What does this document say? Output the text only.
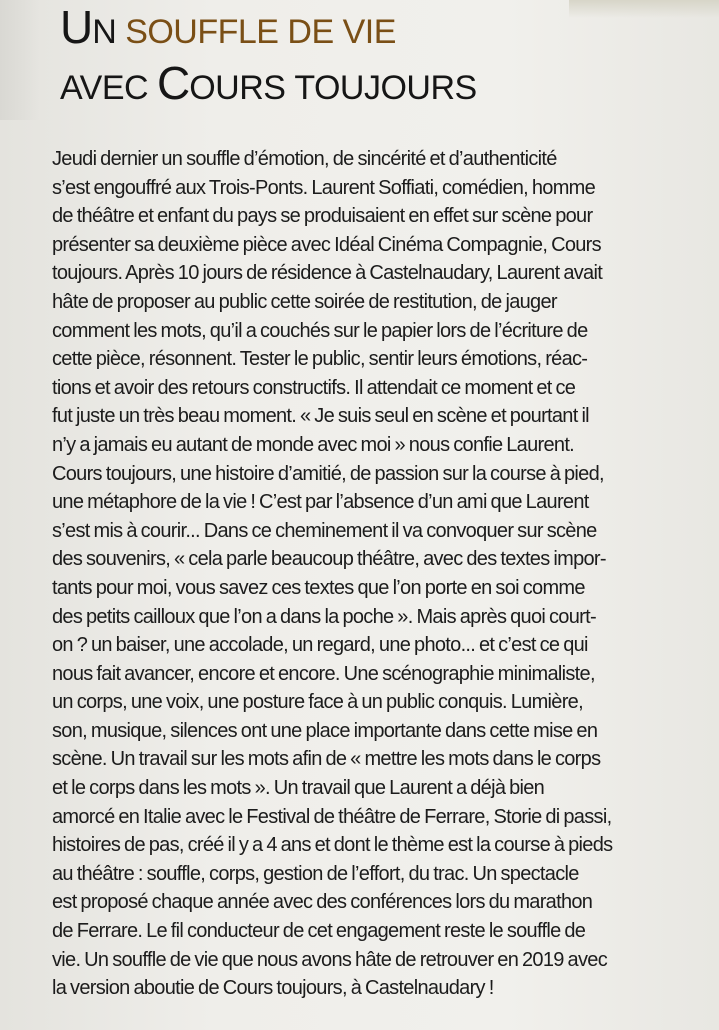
UN SOUFFLE DE VIE
AVEC COURS TOUJOURS
Jeudi dernier un souffle d’émotion, de sincérité et d’authenticité
s’est engouffré aux Trois-Ponts. Laurent Soffiati, comédien, homme
de théâtre et enfant du pays se produisaient en effet sur scène pour
présenter sa deuxième pièce avec Idéal Cinéma Compagnie, Cours
toujours. Après 10 jours de résidence à Castelnaudary, Laurent avait
hâte de proposer au public cette soirée de restitution, de jauger
comment les mots, qu’il a couchés sur le papier lors de l’écriture de
cette pièce, résonnent. Tester le public, sentir leurs émotions, réac-
tions et avoir des retours constructifs. Il attendait ce moment et ce
fut juste un très beau moment. « Je suis seul en scène et pourtant il
n’y a jamais eu autant de monde avec moi » nous confie Laurent.
Cours toujours, une histoire d’amitié, de passion sur la course à pied,
une métaphore de la vie ! C’est par l’absence d’un ami que Laurent
s’est mis à courir... Dans ce cheminement il va convoquer sur scène
des souvenirs, « cela parle beaucoup théâtre, avec des textes impor-
tants pour moi, vous savez ces textes que l’on porte en soi comme
des petits cailloux que l’on a dans la poche ». Mais après quoi court-
on ? un baiser, une accolade, un regard, une photo... et c’est ce qui
nous fait avancer, encore et encore. Une scénographie minimaliste,
un corps, une voix, une posture face à un public conquis. Lumière,
son, musique, silences ont une place importante dans cette mise en
scène. Un travail sur les mots afin de « mettre les mots dans le corps
et le corps dans les mots ». Un travail que Laurent a déjà bien
amorcé en Italie avec le Festival de théâtre de Ferrare, Storie di passi,
histoires de pas, créé il y a 4 ans et dont le thème est la course à pieds
au théâtre : souffle, corps, gestion de l’effort, du trac. Un spectacle
est proposé chaque année avec des conférences lors du marathon
de Ferrare. Le fil conducteur de cet engagement reste le souffle de
vie. Un souffle de vie que nous avons hâte de retrouver en 2019 avec
la version aboutie de Cours toujours, à Castelnaudary !
